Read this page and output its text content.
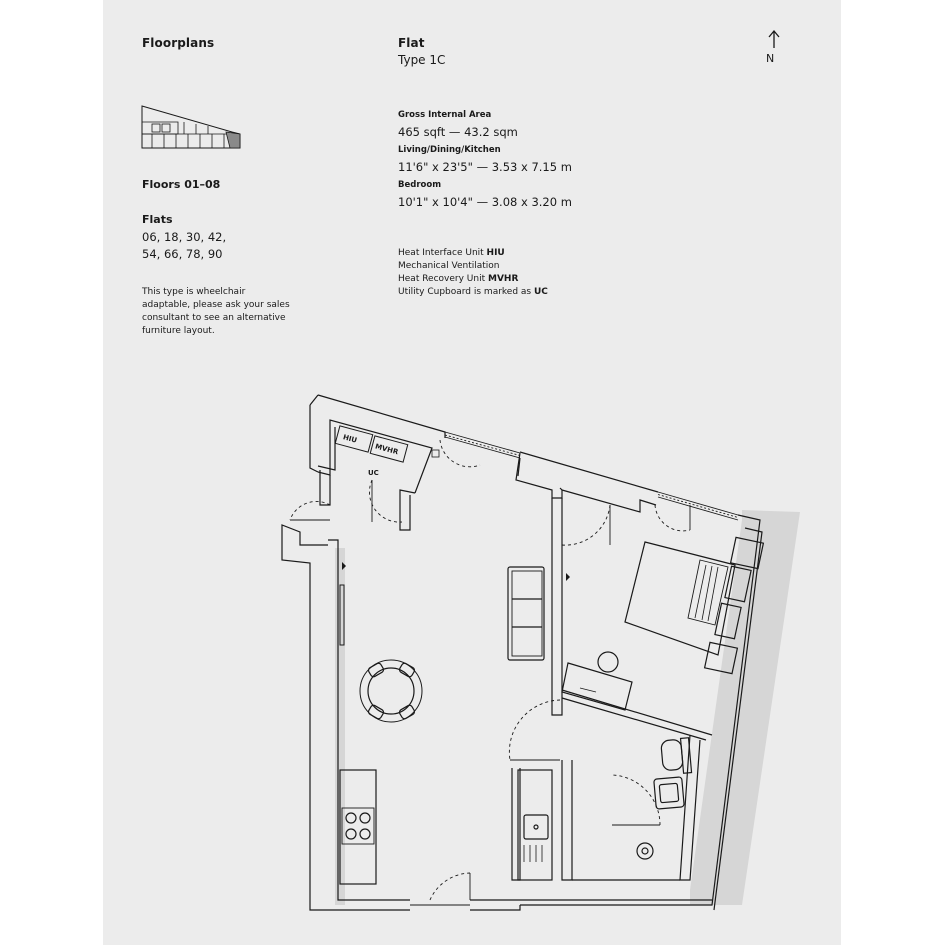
Floorplans	Flat
Type 1C	N
Floors 01–08
Flats
06, 18, 30, 42,
54, 66, 78, 90
This type is wheelchair
adaptable, please ask your sales
consultant to see an alternative
furniture layout.
Gross Internal Area
465 sqft — 43.2 sqm
Living/Dining/Kitchen
11'6" x 23'5" — 3.53 x 7.15 m
Bedroom
10'1" x 10'4" — 3.08 x 3.20 m
Heat Interface Unit HIU
Mechanical Ventilation
Heat Recovery Unit MVHR
Utility Cupboard is marked as UC
HIU
MVHR
UC
